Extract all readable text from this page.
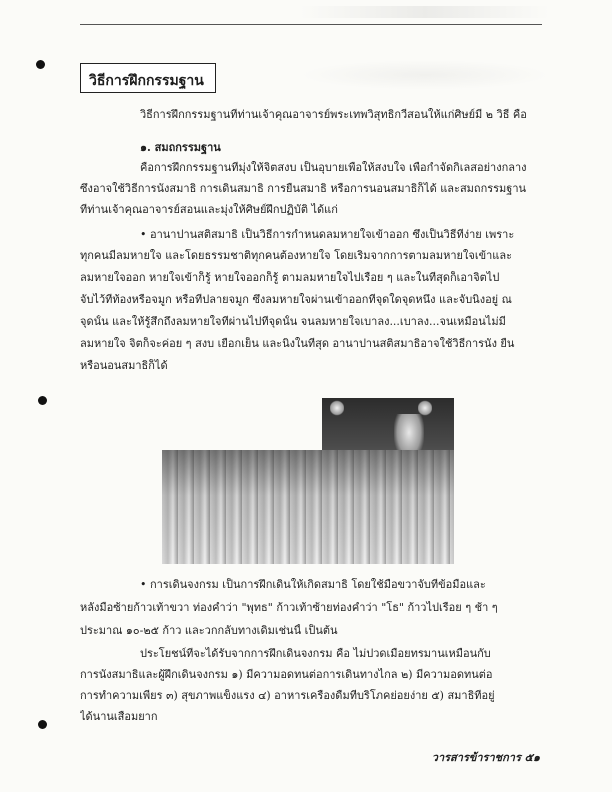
วิธีการฝึกกรรมฐาน
วิธีการฝึกกรรมฐานที่ท่านเจ้าคุณอาจารย์พระเทพวิสุทธิกวีสอนให้แก่ศิษย์มี ๒ วิธี คือ
๑. สมถกรรมฐาน
คือการฝึกกรรมฐานที่มุ่งให้จิตสงบ เป็นอุบายเพื่อให้สงบใจ เพื่อกำจัดกิเลสอย่างกลาง
ซึ่งอาจใช้วิธีการนั่งสมาธิ การเดินสมาธิ การยืนสมาธิ หรือการนอนสมาธิก็ได้ และสมถกรรมฐาน
ที่ท่านเจ้าคุณอาจารย์สอนและมุ่งให้ศิษย์ฝึกปฏิบัติ ได้แก่
• อานาปานสติสมาธิ เป็นวิธีการกำหนดลมหายใจเข้าออก ซึ่งเป็นวิธีที่ง่าย เพราะ
ทุกคนมีลมหายใจ และโดยธรรมชาติทุกคนต้องหายใจ โดยเริ่มจากการตามลมหายใจเข้าและ
ลมหายใจออก หายใจเข้าก็รู้ หายใจออกก็รู้ ตามลมหายใจไปเรื่อย ๆ และในที่สุดก็เอาจิตไป
จับไว้ที่ท้องหรือจมูก หรือที่ปลายจมูก ซึ่งลมหายใจผ่านเข้าออกที่จุดใดจุดหนึ่ง และจับนิ่งอยู่ ณ
จุดนั้น และให้รู้สึกถึงลมหายใจที่ผ่านไปที่จุดนั้น จนลมหายใจเบาลง...เบาลง...จนเหมือนไม่มี
ลมหายใจ จิตก็จะค่อย ๆ สงบ เยือกเย็น และนิ่งในที่สุด อานาปานสติสมาธิอาจใช้วิธีการนั่ง ยืน
หรือนอนสมาธิก็ได้
• การเดินจงกรม เป็นการฝึกเดินให้เกิดสมาธิ โดยใช้มือขวาจับที่ข้อมือและ
หลังมือซ้ายก้าวเท้าขวา ท่องคำว่า "พุทธ" ก้าวเท้าซ้ายท่องคำว่า "โธ" ก้าวไปเรื่อย ๆ ช้า ๆ
ประมาณ ๑๐-๒๕ ก้าว และวกกลับทางเดิมเช่นนี้ เป็นต้น
ประโยชน์ที่จะได้รับจากการฝึกเดินจงกรม คือ ไม่ปวดเมื่อยทรมานเหมือนกับ
การนั่งสมาธิและผู้ฝึกเดินจงกรม ๑) มีความอดทนต่อการเดินทางไกล ๒) มีความอดทนต่อ
การทำความเพียร ๓) สุขภาพแข็งแรง ๔) อาหารเครื่องดื่มที่บริโภคย่อยง่าย ๕) สมาธิที่อยู่
ได้นานเสื่อมยาก
วารสารข้าราชการ ๕๑
